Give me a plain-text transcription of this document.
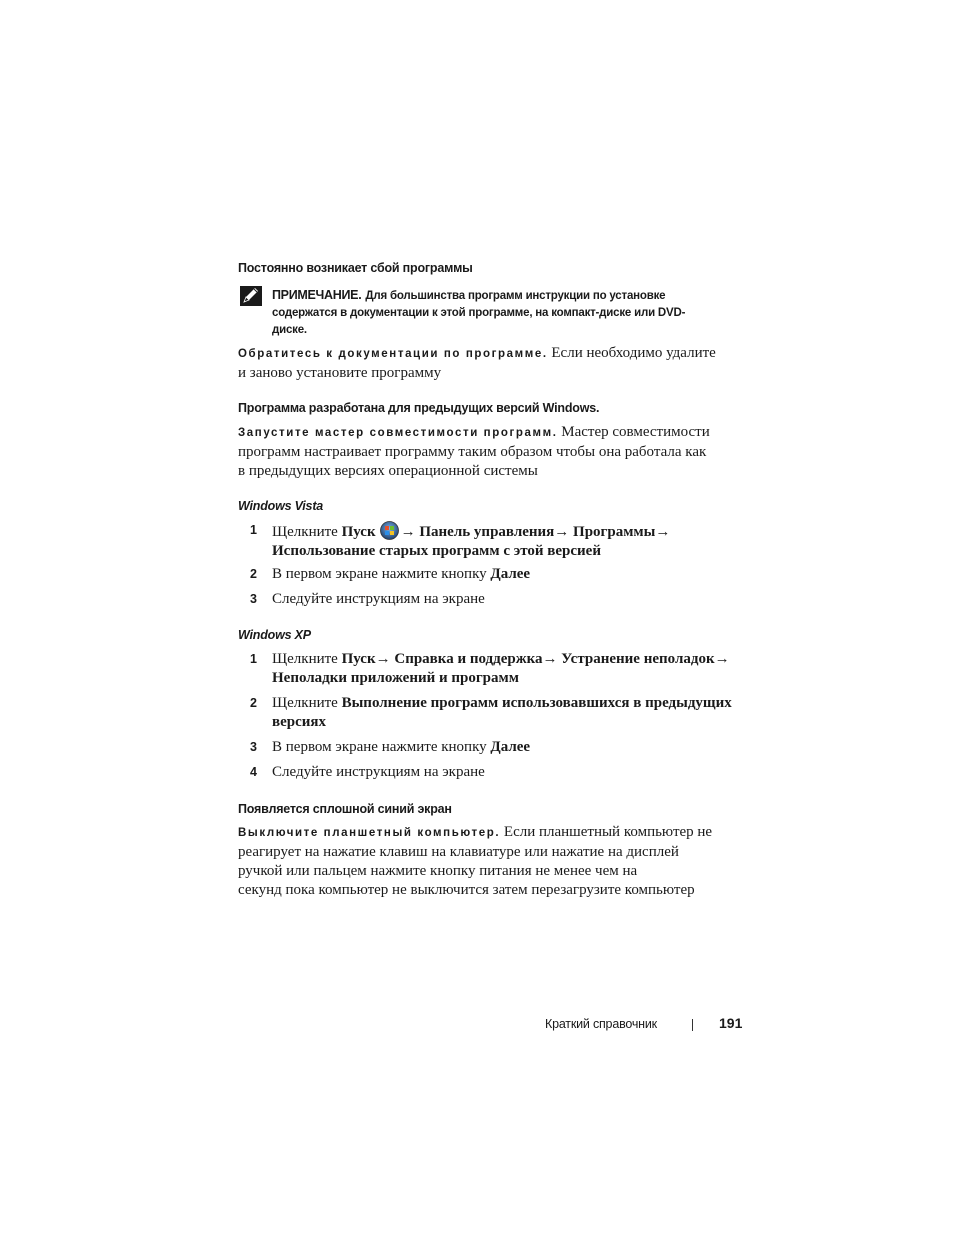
Постоянно возникает сбой программы
ПРИМЕЧАНИЕ. Для большинства программ инструкции по установке
содержатся в документации к этой программе, на компакт-диске или DVD-
диске.
Обратитесь к документации по программе. Если необходимо удалите
и заново установите программу
Программа разработана для предыдущих версий Windows.
Запустите мастер совместимости программ. Мастер совместимости
программ настраивает программу таким образом чтобы она работала как
в предыдущих версиях операционной системы
Windows Vista
1 Щелкните Пуск → Панель управления→ Программы→
Использование старых программ с этой версией
2 В первом экране нажмите кнопку Далее
3 Следуйте инструкциям на экране
Windows XP
1 Щелкните Пуск→ Справка и поддержка→ Устранение неполадок→
Неполадки приложений и программ
2 Щелкните Выполнение программ использовавшихся в предыдущих
версиях
3 В первом экране нажмите кнопку Далее
4 Следуйте инструкциям на экране
Появляется сплошной синий экран
Выключите планшетный компьютер. Если планшетный компьютер не
реагирует на нажатие клавиш на клавиатуре или нажатие на дисплей
ручкой или пальцем нажмите кнопку питания не менее чем на
секунд пока компьютер не выключится затем перезагрузите компьютер
Краткий справочник	191
